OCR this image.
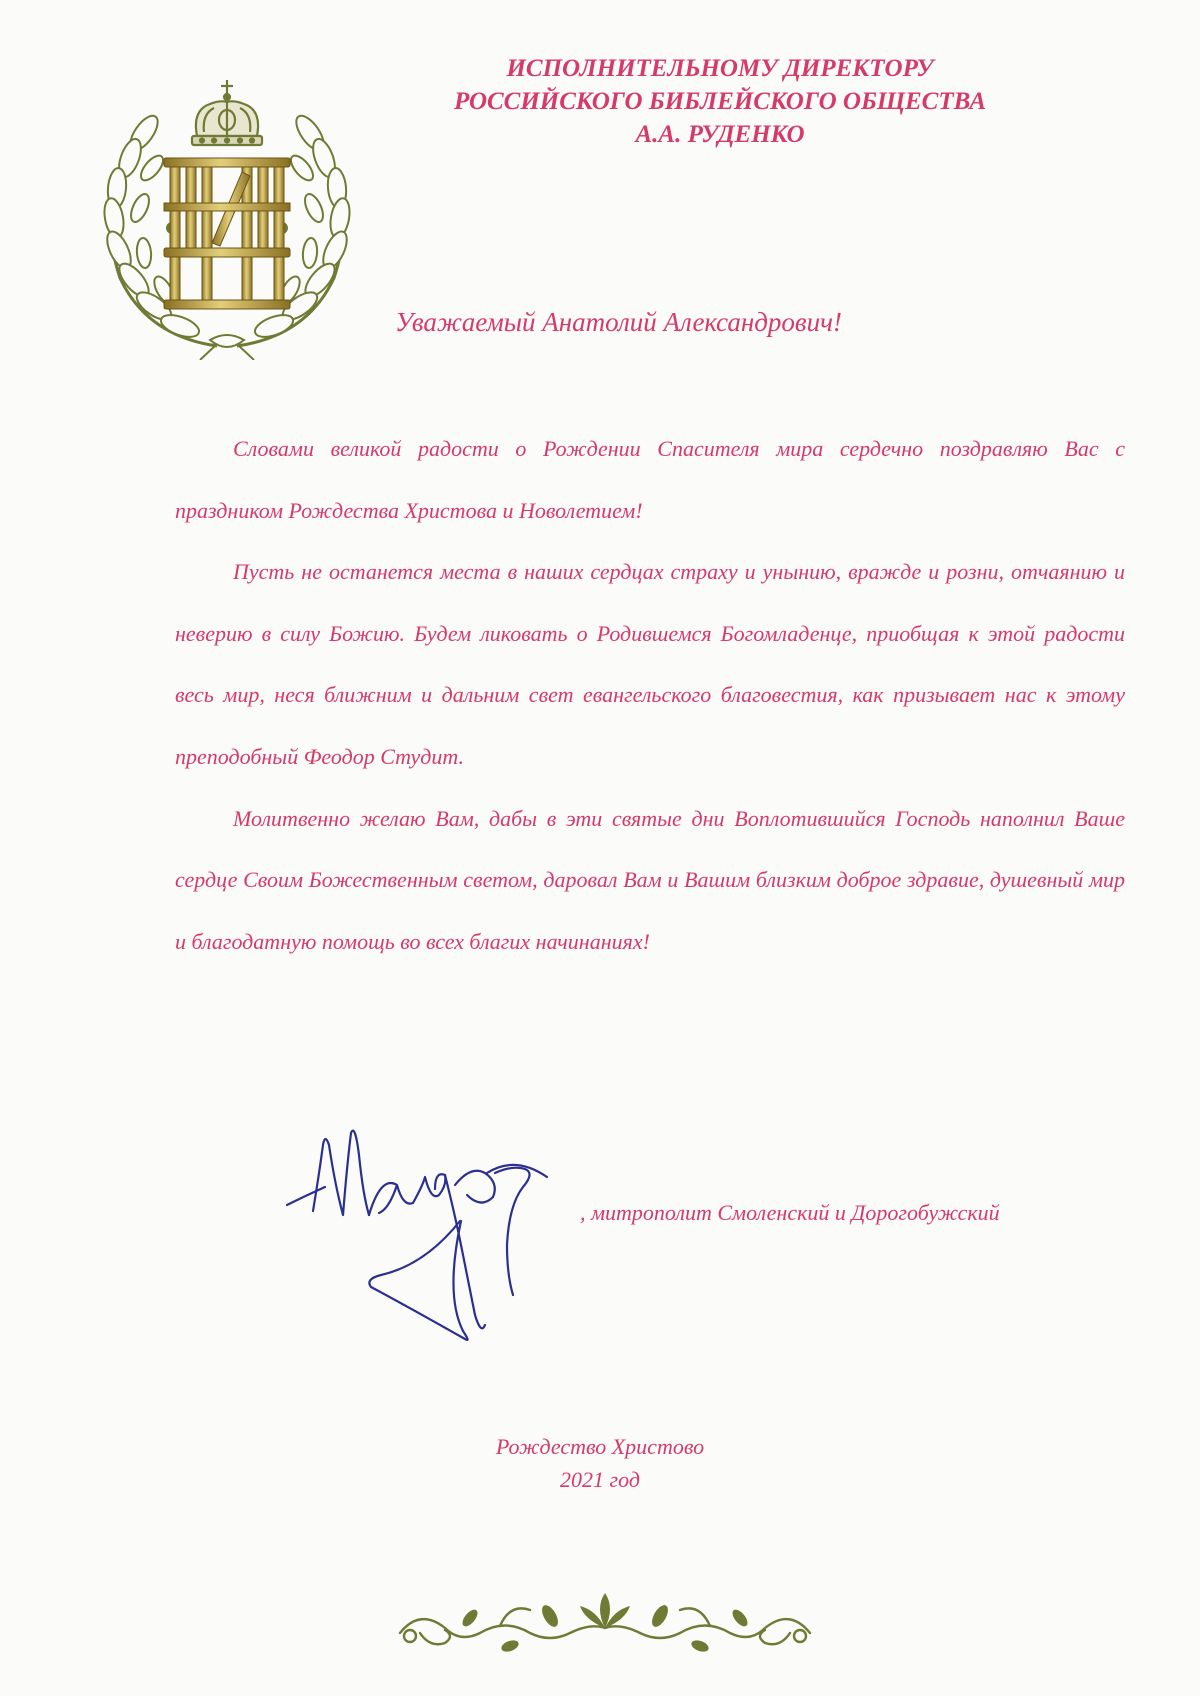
ИСПОЛНИТЕЛЬНОМУ ДИРЕКТОРУ
РОССИЙСКОГО БИБЛЕЙСКОГО ОБЩЕСТВА
А.А. РУДЕНКО
Уважаемый Анатолий Александрович!

Словами великой радости о Рождении Спасителя мира сердечно поздравляю Вас с праздником Рождества Христова и Новолетием!

Пусть не останется места в наших сердцах страху и унынию, вражде и розни, отчаянию и неверию в силу Божию. Будем ликовать о Родившемся Богомладенце, приобщая к этой радости весь мир, неся ближним и дальним свет евангельского благовестия, как призывает нас к этому преподобный Феодор Студит.

Молитвенно желаю Вам, дабы в эти святые дни Воплотившийся Господь наполнил Ваше сердце Своим Божественным светом, даровал Вам и Вашим близким доброе здравие, душевный мир и благодатную помощь во всех благих начинаниях!

, митрополит Смоленский и Дорогобужский
Рождество Христово
2021 год
